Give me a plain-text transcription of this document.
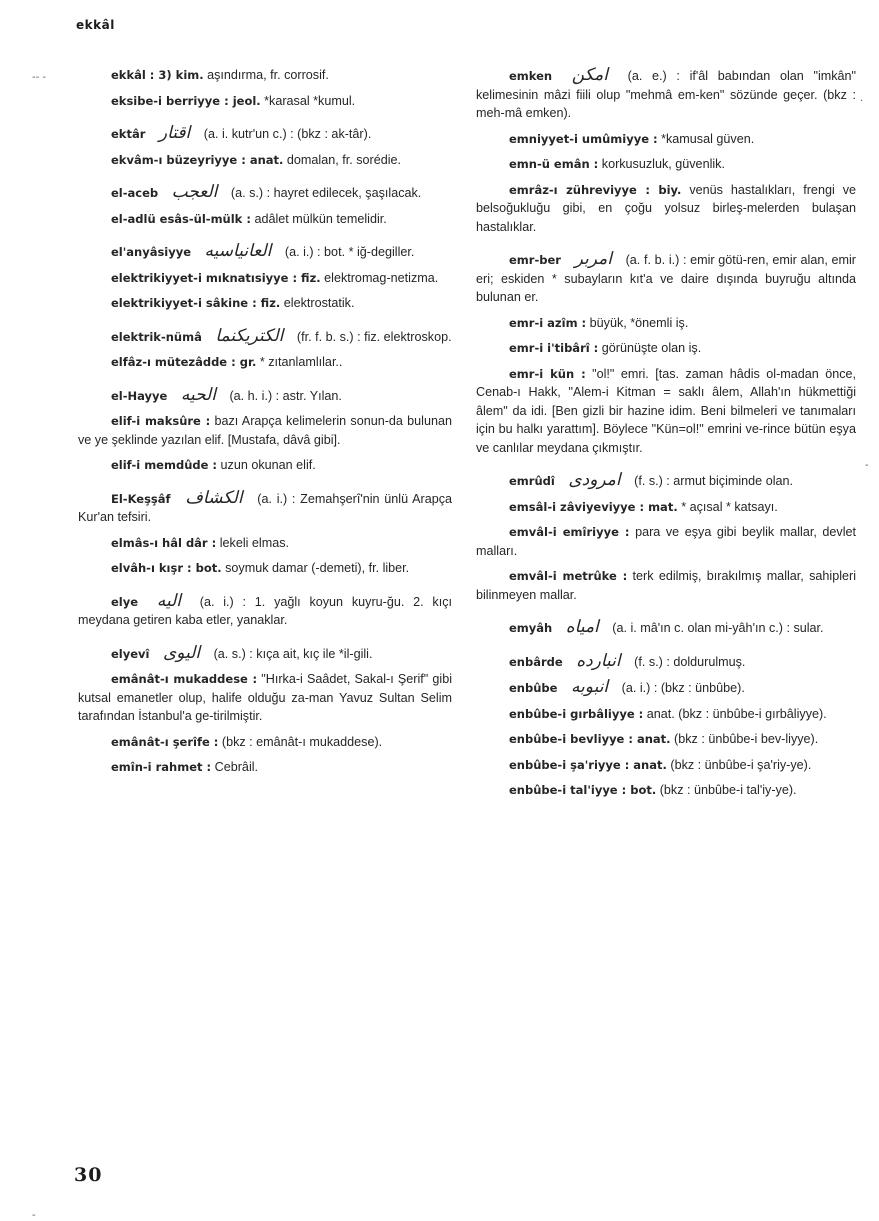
ekkâl

ekkâl : 3) kim. aşındırma, fr. corrosif.

eksibe-i berriyye : jeol. *karasal *kumul.

ektâr اقتار (a. i. kutr'un c.) : (bkz : ak-târ).

ekvâm-ı büzeyriyye : anat. domalan, fr. sorédie.

el-aceb العجب (a. s.) : hayret edilecek, şaşılacak.

el-adlü esâs-ül-mülk : adâlet mülkün temelidir.

el'anyâsiyye العانياسيه (a. i.) : bot. * iğ-degiller.

elektrikiyyet-i mıknatısiyye : fiz. elektromag-netizma.

elektrikiyyet-i sâkine : fiz. elektrostatik.

elektrik-nümâ الكتريكنما (fr. f. b. s.) : fiz. elektroskop.

elfâz-ı mütezâdde : gr. * zıtanlamlılar..

el-Hayye الحيه (a. h. i.) : astr. Yılan.

elif-i maksûre : bazı Arapça kelimelerin sonun-da bulunan ve ye şeklinde yazılan elif. [Mustafa, dâvâ gibi].

elif-i memdûde : uzun okunan elif.

El-Keşşâf الكشاف (a. i.) : Zemahşerî'nin ünlü Arapça Kur'an tefsiri.

elmâs-ı hâl dâr : lekeli elmas.

elvâh-ı kışr : bot. soymuk damar (-demeti), fr. liber.

elye اليه (a. i.) : 1. yağlı koyun kuyru-ğu. 2. kıçı meydana getiren kaba etler, yanaklar.

elyevî اليوى (a. s.) : kıça ait, kıç ile *il-gili.

emânât-ı mukaddese : "Hırka-i Saâdet, Sakal-ı Şerif" gibi kutsal emanetler olup, halife olduğu za-man Yavuz Sultan Selim tarafından İstanbul'a ge-tirilmiştir.

emânât-ı şerîfe : (bkz : emânât-ı mukaddese).

emîn-i rahmet : Cebrâil.

emken امكن (a. e.) : if'âl babından olan "imkân" kelimesinin mâzi fiili olup "mehmâ em-ken" sözünde geçer. (bkz : meh-mâ emken).

emniyyet-i umûmiyye : *kamusal güven.

emn-ü emân : korkusuzluk, güvenlik.

emrâz-ı zühreviyye : biy. venüs hastalıkları, frengi ve belsoğukluğu gibi, en çoğu yolsuz birleş-melerden bulaşan hastalıklar.

emr-ber امربر (a. f. b. i.) : emir götü-ren, emir alan, emir eri; eskiden * subayların kıt'a ve daire dışında buyruğu altında bulunan er.

emr-i azîm : büyük, *önemli iş.

emr-i i'tibârî : görünüşte olan iş.

emr-i kün : "ol!" emri. [tas. zaman hâdis ol-madan önce, Cenab-ı Hakk, "Alem-i Kitman = saklı âlem, Allah'ın hükmettiği âlem" da idi. [Ben gizli bir hazine idim. Beni bilmeleri ve tanımaları için bu halkı yarattım]. Böylece "Kün=ol!" emrini ve-rince bütün eşya ve canlılar meydana çıkmıştır.

emrûdî امرودى (f. s.) : armut biçiminde olan.

emsâl-i zâviyeviyye : mat. * açısal * katsayı.

emvâl-i emîriyye : para ve eşya gibi beylik mallar, devlet malları.

emvâl-i metrûke : terk edilmiş, bırakılmış mallar, sahipleri bilinmeyen mallar.

emyâh امياه (a. i. mâ'ın c. olan mi-yâh'ın c.) : sular.

enbârde انبارده (f. s.) : doldurulmuş.

enbûbe انبوبه (a. i.) : (bkz : ünbûbe).

enbûbe-i gırbâliyye : anat. (bkz : ünbûbe-i gırbâliyye).

enbûbe-i bevliyye : anat. (bkz : ünbûbe-i bev-liyye).

enbûbe-i şa'riyye : anat. (bkz : ünbûbe-i şa'riy-ye).

enbûbe-i tal'iyye : bot. (bkz : ünbûbe-i tal'iy-ye).

30
-- -
·
-
-
